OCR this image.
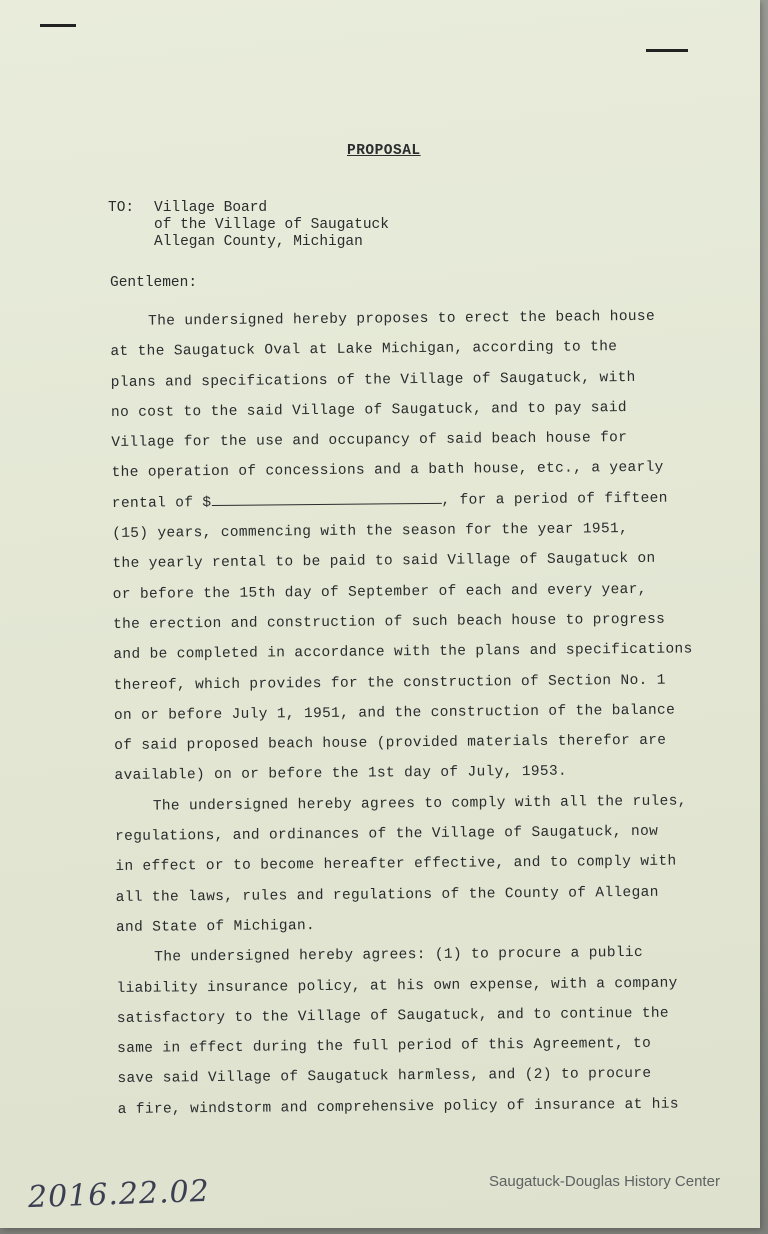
PROPOSAL
TO: Village Board
of the Village of Saugatuck
Allegan County, Michigan
Gentlemen:
The undersigned hereby proposes to erect the beach house
at the Saugatuck Oval at Lake Michigan, according to the
plans and specifications of the Village of Saugatuck, with
no cost to the said Village of Saugatuck, and to pay said
Village for the use and occupancy of said beach house for
the operation of concessions and a bath house, etc., a yearly
rental of $	, for a period of fifteen
(15) years, commencing with the season for the year 1951,
the yearly rental to be paid to said Village of Saugatuck on
or before the 15th day of September of each and every year,
the erection and construction of such beach house to progress
and be completed in accordance with the plans and specifications
thereof, which provides for the construction of Section No. 1
on or before July 1, 1951, and the construction of the balance
of said proposed beach house (provided materials therefor are
available) on or before the 1st day of July, 1953.
The undersigned hereby agrees to comply with all the rules,
regulations, and ordinances of the Village of Saugatuck, now
in effect or to become hereafter effective, and to comply with
all the laws, rules and regulations of the County of Allegan
and State of Michigan.
The undersigned hereby agrees: (1) to procure a public
liability insurance policy, at his own expense, with a company
satisfactory to the Village of Saugatuck, and to continue the
same in effect during the full period of this Agreement, to
save said Village of Saugatuck harmless, and (2) to procure
a fire, windstorm and comprehensive policy of insurance at his
2016.22.02	Saugatuck-Douglas History Center
